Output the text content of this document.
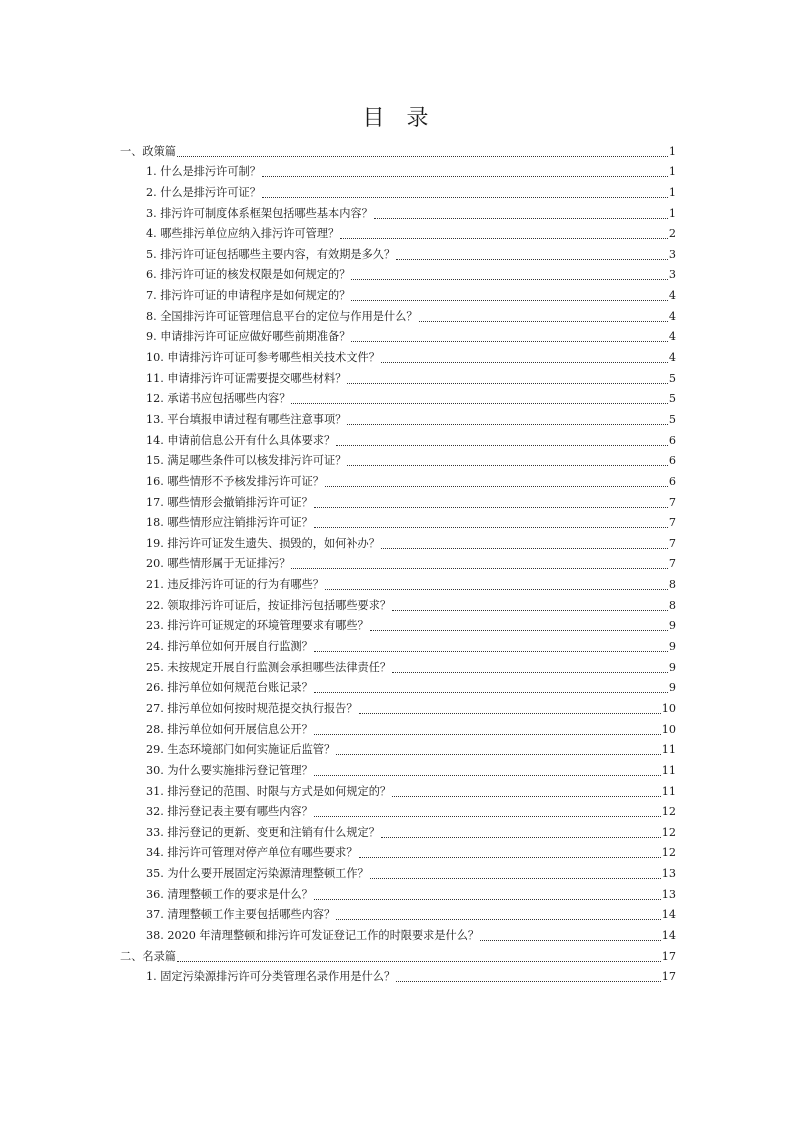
目 录
一、政策篇	1
1. 什么是排污许可制？	1
2. 什么是排污许可证？	1
3. 排污许可制度体系框架包括哪些基本内容？	1
4. 哪些排污单位应纳入排污许可管理？	2
5. 排污许可证包括哪些主要内容，有效期是多久？	3
6. 排污许可证的核发权限是如何规定的？	3
7. 排污许可证的申请程序是如何规定的？	4
8. 全国排污许可证管理信息平台的定位与作用是什么？	4
9. 申请排污许可证应做好哪些前期准备？	4
10. 申请排污许可证可参考哪些相关技术文件？	4
11. 申请排污许可证需要提交哪些材料？	5
12. 承诺书应包括哪些内容？	5
13. 平台填报申请过程有哪些注意事项？	5
14. 申请前信息公开有什么具体要求？	6
15. 满足哪些条件可以核发排污许可证？	6
16. 哪些情形不予核发排污许可证？	6
17. 哪些情形会撤销排污许可证？	7
18. 哪些情形应注销排污许可证？	7
19. 排污许可证发生遗失、损毁的，如何补办？	7
20. 哪些情形属于无证排污？	7
21. 违反排污许可证的行为有哪些？	8
22. 领取排污许可证后，按证排污包括哪些要求？	8
23. 排污许可证规定的环境管理要求有哪些？	9
24. 排污单位如何开展自行监测？	9
25. 未按规定开展自行监测会承担哪些法律责任？	9
26. 排污单位如何规范台账记录？	9
27. 排污单位如何按时规范提交执行报告？	10
28. 排污单位如何开展信息公开？	10
29. 生态环境部门如何实施证后监管？	11
30. 为什么要实施排污登记管理？	11
31. 排污登记的范围、时限与方式是如何规定的？	11
32. 排污登记表主要有哪些内容？	12
33. 排污登记的更新、变更和注销有什么规定？	12
34. 排污许可管理对停产单位有哪些要求？	12
35. 为什么要开展固定污染源清理整顿工作？	13
36. 清理整顿工作的要求是什么？	13
37. 清理整顿工作主要包括哪些内容？	14
38. 2020 年清理整顿和排污许可发证登记工作的时限要求是什么？	14
二、名录篇	17
1. 固定污染源排污许可分类管理名录作用是什么？	17
